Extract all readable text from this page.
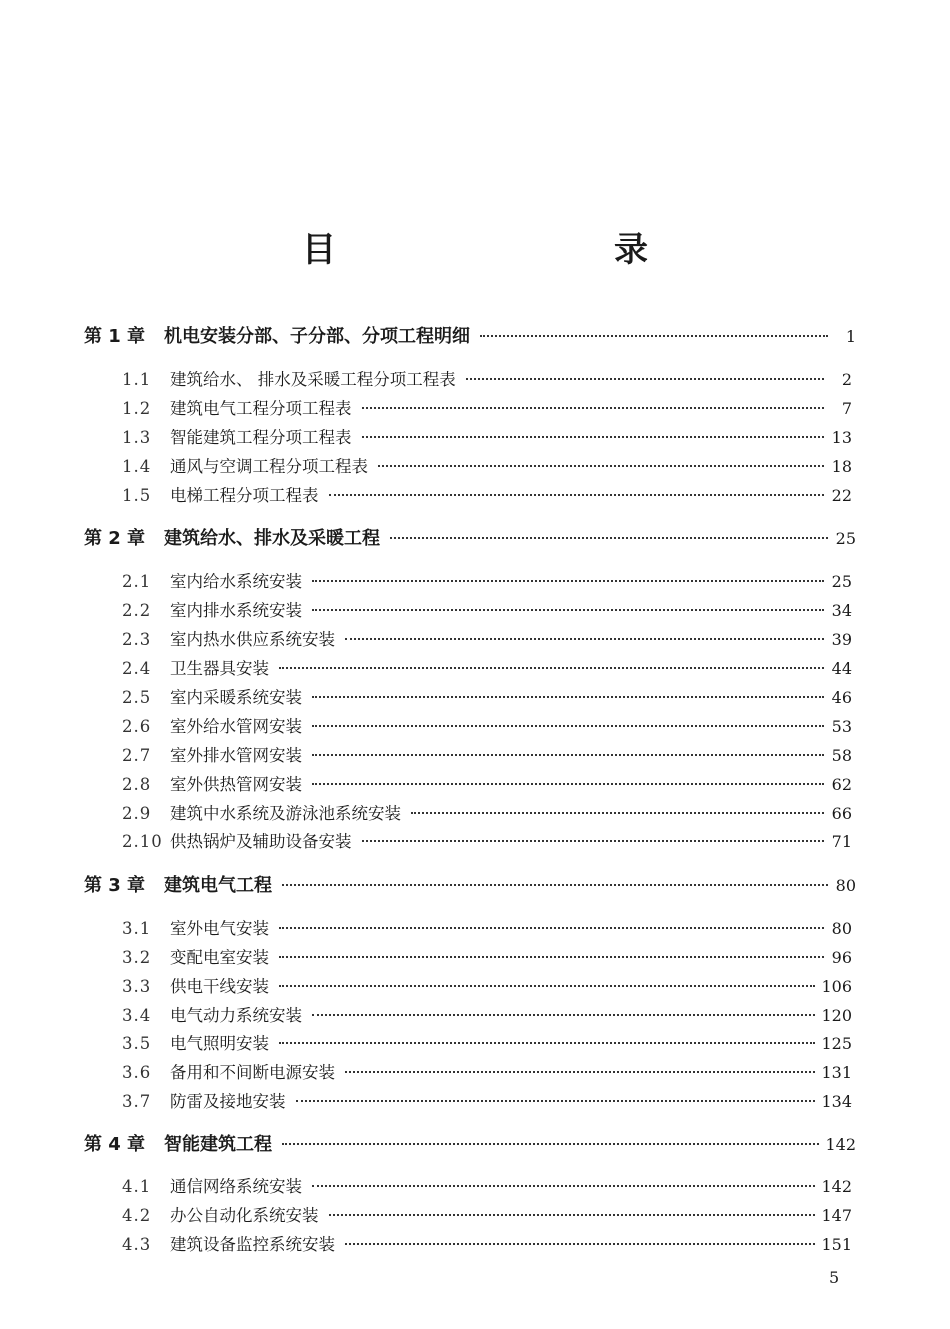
目　　录
第 1 章	机电安装分部、子分部、分项工程明细	1
1.1	建筑给水、 排水及采暖工程分项工程表	2
1.2	建筑电气工程分项工程表	7
1.3	智能建筑工程分项工程表	13
1.4	通风与空调工程分项工程表	18
1.5	电梯工程分项工程表	22
第 2 章	建筑给水、排水及采暖工程	25
2.1	室内给水系统安装	25
2.2	室内排水系统安装	34
2.3	室内热水供应系统安装	39
2.4	卫生器具安装	44
2.5	室内采暖系统安装	46
2.6	室外给水管网安装	53
2.7	室外排水管网安装	58
2.8	室外供热管网安装	62
2.9	建筑中水系统及游泳池系统安装	66
2.10 供热锅炉及辅助设备安装	71
第 3 章	建筑电气工程	80
3.1	室外电气安装	80
3.2	变配电室安装	96
3.3	供电干线安装	106
3.4	电气动力系统安装	120
3.5	电气照明安装	125
3.6	备用和不间断电源安装	131
3.7	防雷及接地安装	134
第 4 章	智能建筑工程	142
4.1	通信网络系统安装	142
4.2	办公自动化系统安装	147
4.3	建筑设备监控系统安装	151
5
